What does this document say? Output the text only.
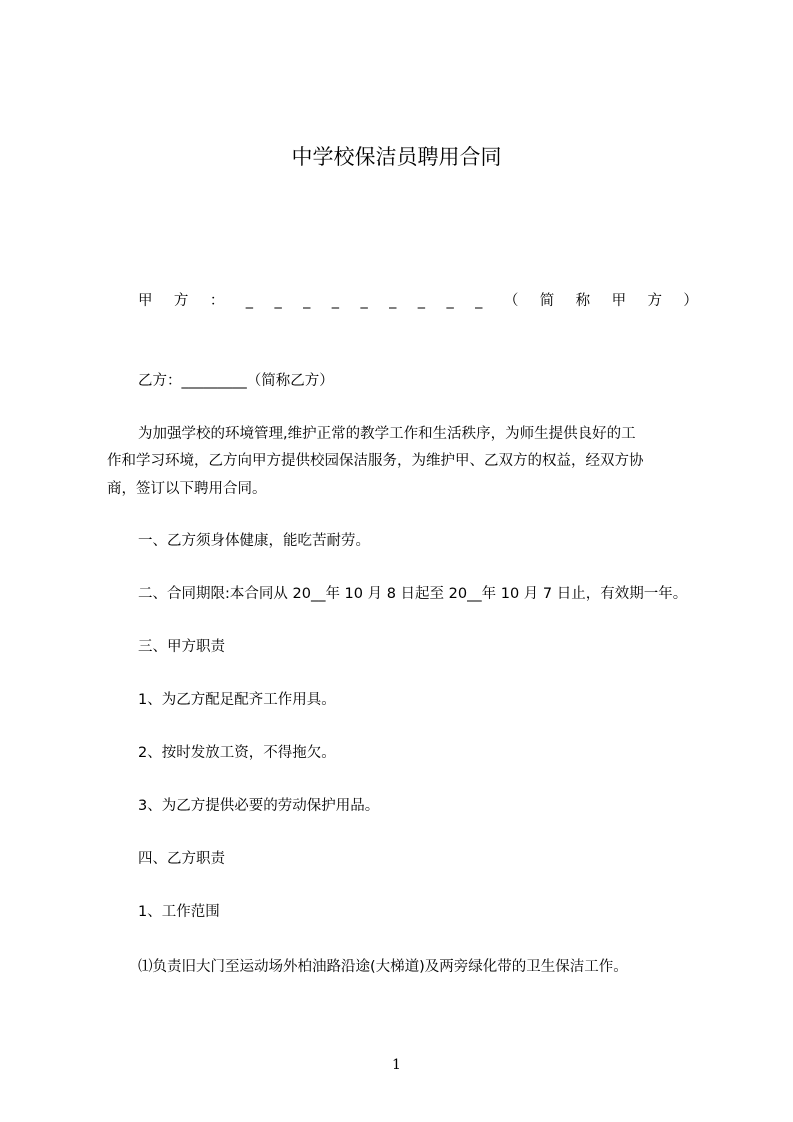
中学校保洁员聘用合同
甲 方 ： _ _ _ _ _ _ _ _ _ （ 简 称 甲 方 ）
乙方：_________（简称乙方）
为加强学校的环境管理,维护正常的教学工作和生活秩序，为师生提供良好的工
作和学习环境，乙方向甲方提供校园保洁服务，为维护甲、乙双方的权益，经双方协
商，签订以下聘用合同。
一、乙方须身体健康，能吃苦耐劳。
二、合同期限:本合同从 20__年 10 月 8 日起至 20__年 10 月 7 日止，有效期一年。
三、甲方职责
1、为乙方配足配齐工作用具。
2、按时发放工资，不得拖欠。
3、为乙方提供必要的劳动保护用品。
四、乙方职责
1、工作范围
⑴负责旧大门至运动场外柏油路沿途(大梯道)及两旁绿化带的卫生保洁工作。
1
